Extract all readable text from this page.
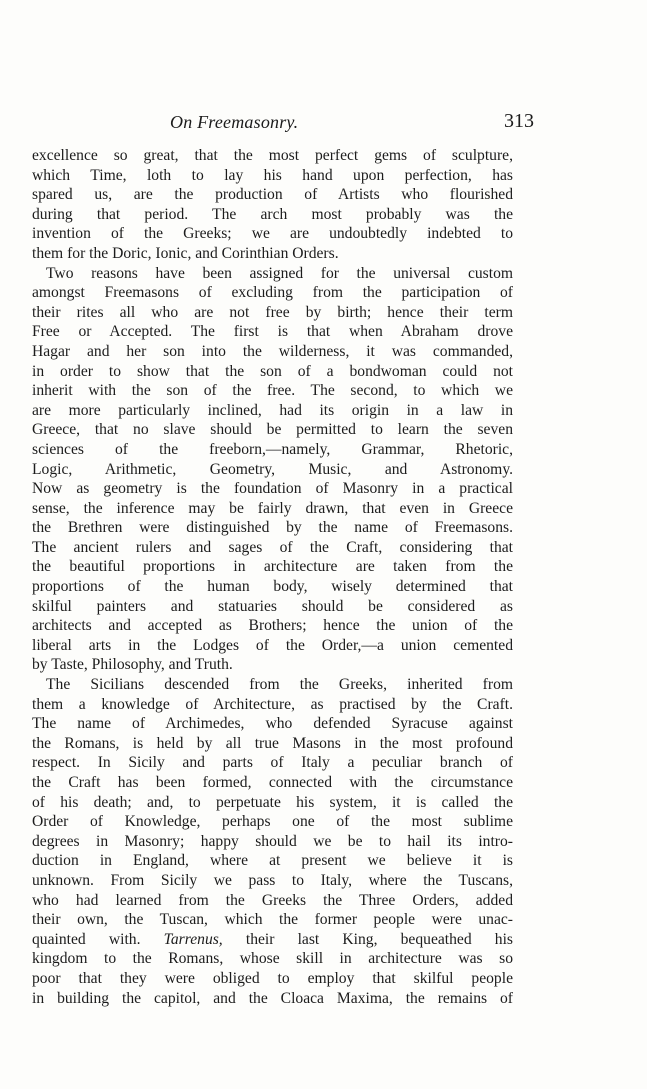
On Freemasonry.	313
excellence so great, that the most perfect gems of sculpture,
which Time, loth to lay his hand upon perfection, has
spared us, are the production of Artists who flourished
during that period. The arch most probably was the
invention of the Greeks; we are undoubtedly indebted to
them for the Doric, Ionic, and Corinthian Orders.
Two reasons have been assigned for the universal custom
amongst Freemasons of excluding from the participation of
their rites all who are not free by birth; hence their term
Free or Accepted. The first is that when Abraham drove
Hagar and her son into the wilderness, it was commanded,
in order to show that the son of a bondwoman could not
inherit with the son of the free. The second, to which we
are more particularly inclined, had its origin in a law in
Greece, that no slave should be permitted to learn the seven
sciences of the freeborn,—namely, Grammar, Rhetoric,
Logic, Arithmetic, Geometry, Music, and Astronomy.
Now as geometry is the foundation of Masonry in a practical
sense, the inference may be fairly drawn, that even in Greece
the Brethren were distinguished by the name of Freemasons.
The ancient rulers and sages of the Craft, considering that
the beautiful proportions in architecture are taken from the
proportions of the human body, wisely determined that
skilful painters and statuaries should be considered as
architects and accepted as Brothers; hence the union of the
liberal arts in the Lodges of the Order,—a union cemented
by Taste, Philosophy, and Truth.
The Sicilians descended from the Greeks, inherited from
them a knowledge of Architecture, as practised by the Craft.
The name of Archimedes, who defended Syracuse against
the Romans, is held by all true Masons in the most profound
respect. In Sicily and parts of Italy a peculiar branch of
the Craft has been formed, connected with the circumstance
of his death; and, to perpetuate his system, it is called the
Order of Knowledge, perhaps one of the most sublime
degrees in Masonry; happy should we be to hail its intro-
duction in England, where at present we believe it is
unknown. From Sicily we pass to Italy, where the Tuscans,
who had learned from the Greeks the Three Orders, added
their own, the Tuscan, which the former people were unac-
quainted with. Tarrenus, their last King, bequeathed his
kingdom to the Romans, whose skill in architecture was so
poor that they were obliged to employ that skilful people
in building the capitol, and the Cloaca Maxima, the remains of
